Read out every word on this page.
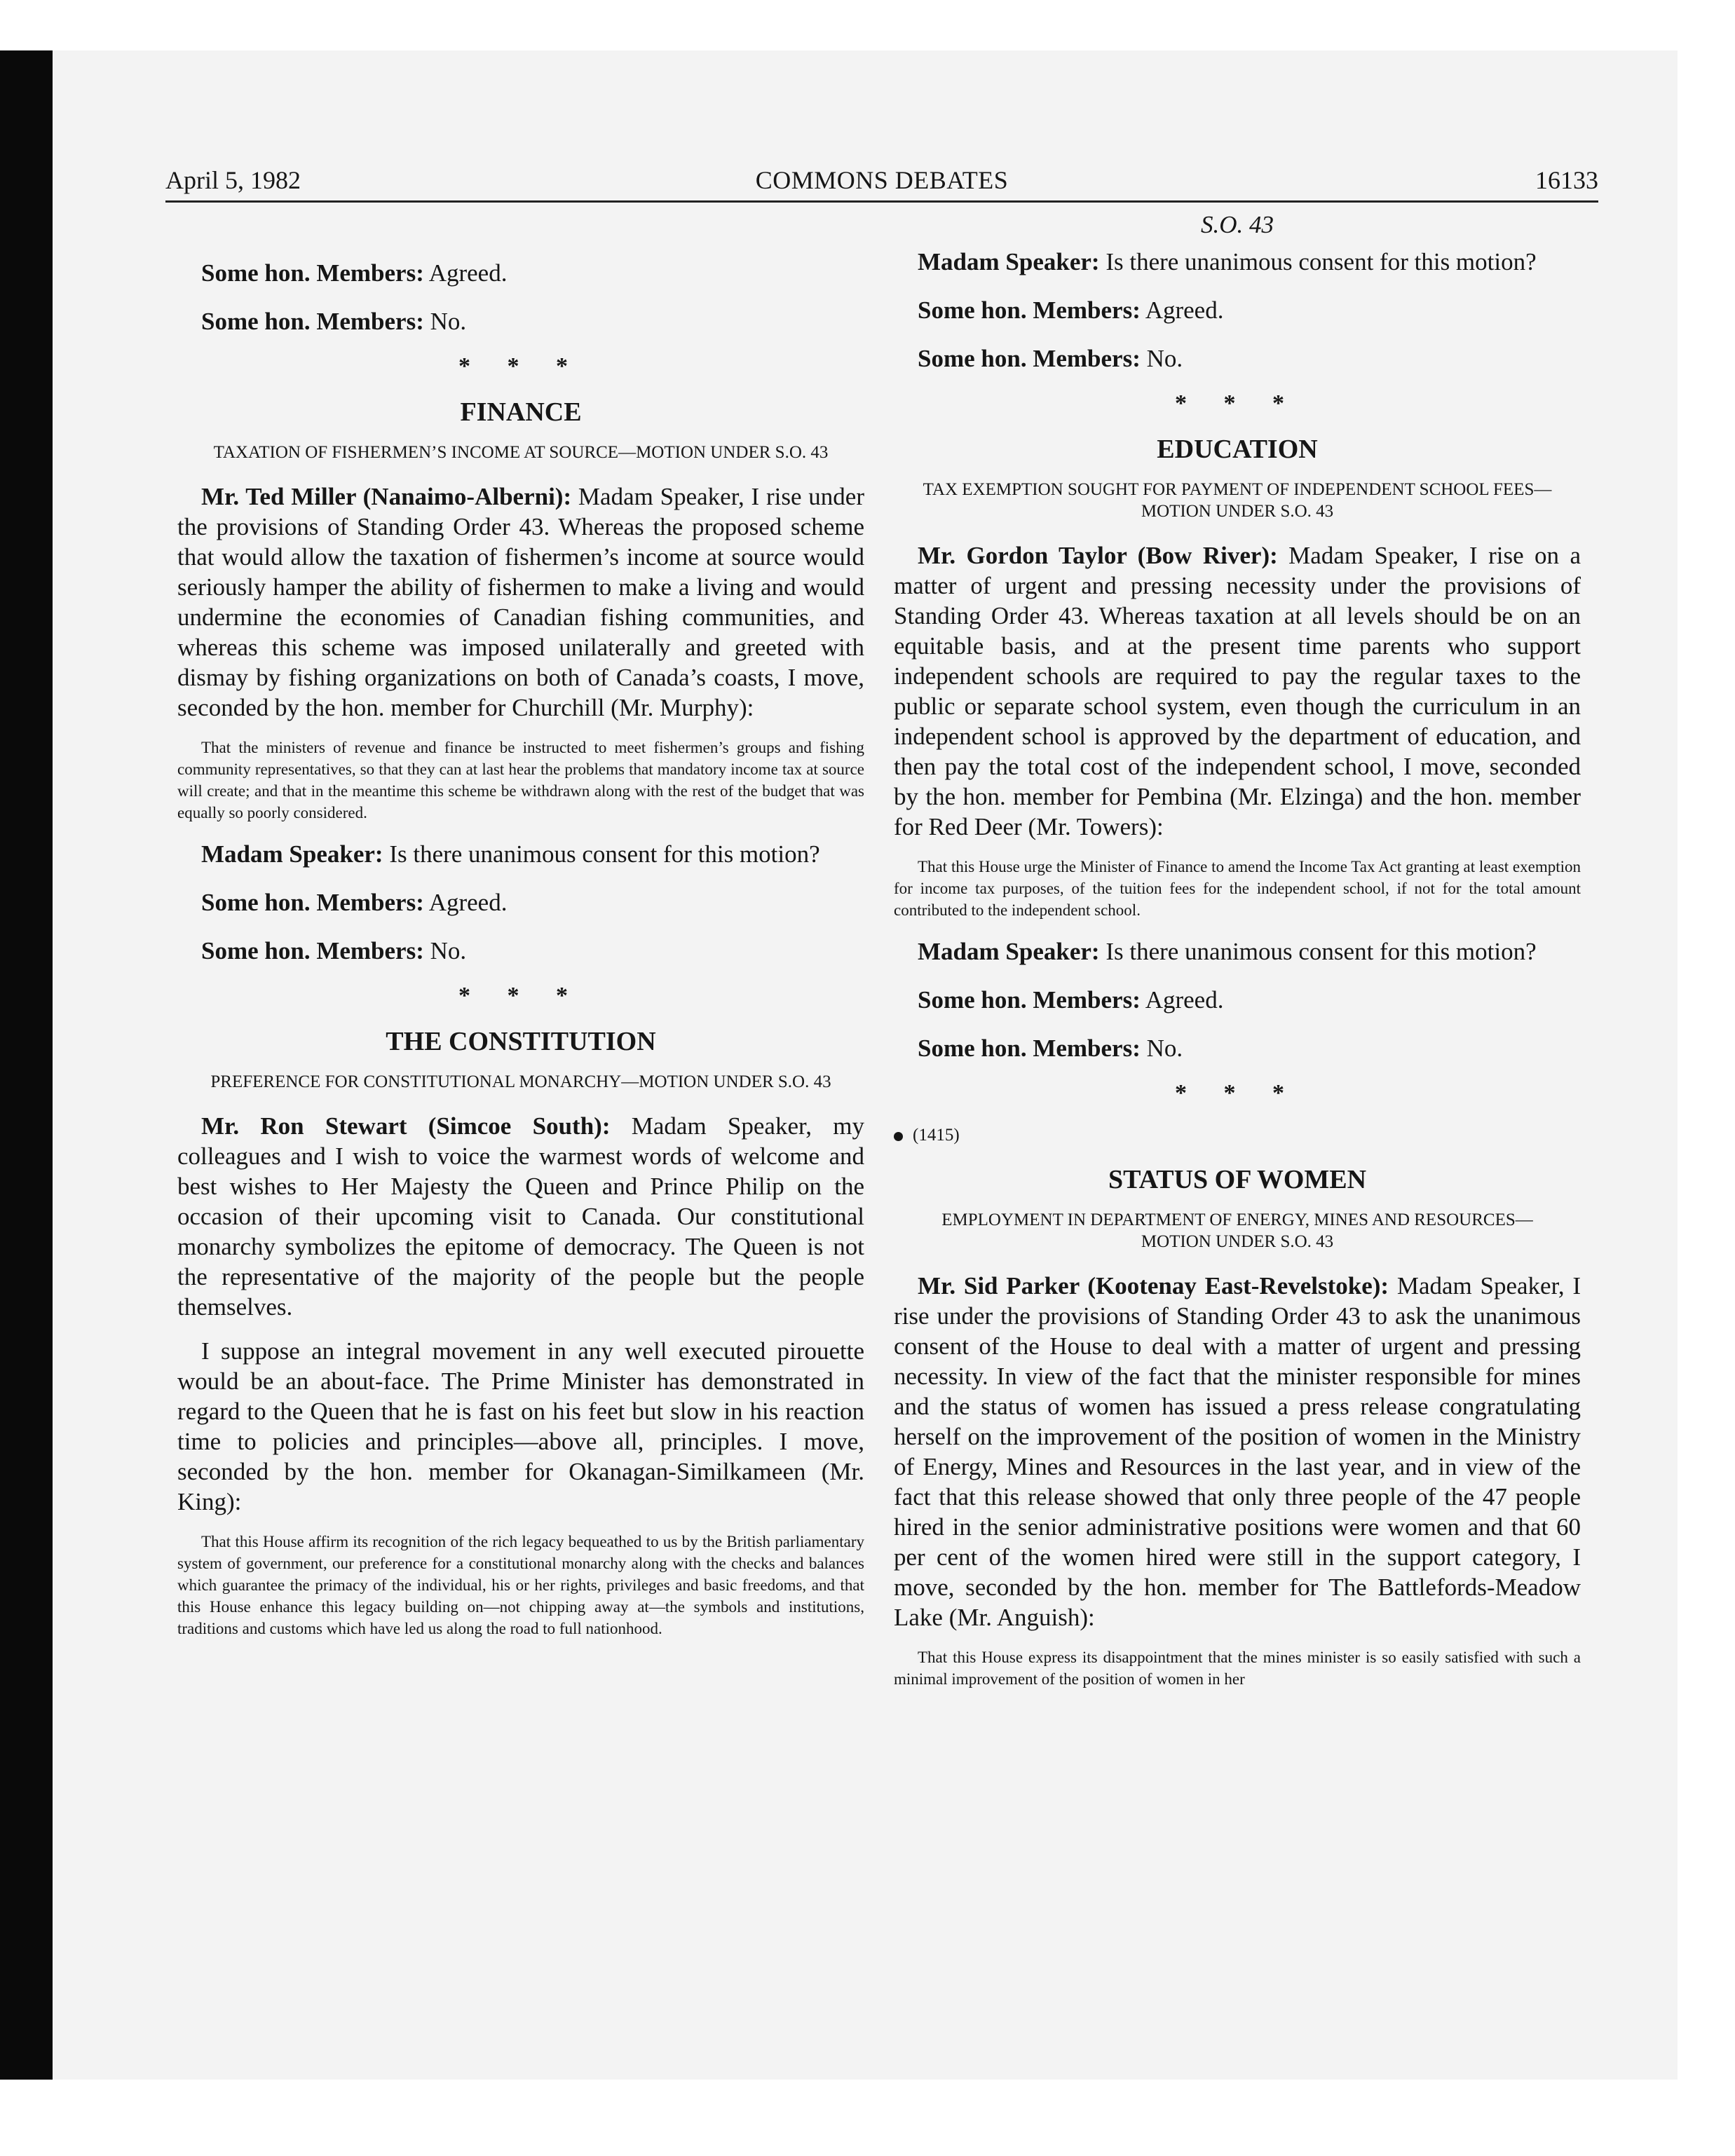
April 5, 1982	COMMONS DEBATES	16133

Some hon. Members: Agreed.

Some hon. Members: No.

* * *
FINANCE
TAXATION OF FISHERMEN’S INCOME AT SOURCE—MOTION UNDER S.O. 43

Mr. Ted Miller (Nanaimo-Alberni): Madam Speaker, I rise under the provisions of Standing Order 43. Whereas the proposed scheme that would allow the taxation of fishermen’s income at source would seriously hamper the ability of fishermen to make a living and would undermine the economies of Canadian fishing communities, and whereas this scheme was imposed unilaterally and greeted with dismay by fishing organizations on both of Canada’s coasts, I move, seconded by the hon. member for Churchill (Mr. Murphy):

That the ministers of revenue and finance be instructed to meet fishermen’s groups and fishing community representatives, so that they can at last hear the problems that mandatory income tax at source will create; and that in the meantime this scheme be withdrawn along with the rest of the budget that was equally so poorly considered.

Madam Speaker: Is there unanimous consent for this motion?

Some hon. Members: Agreed.

Some hon. Members: No.

* * *
THE CONSTITUTION
PREFERENCE FOR CONSTITUTIONAL MONARCHY—MOTION UNDER S.O. 43

Mr. Ron Stewart (Simcoe South): Madam Speaker, my colleagues and I wish to voice the warmest words of welcome and best wishes to Her Majesty the Queen and Prince Philip on the occasion of their upcoming visit to Canada. Our constitutional monarchy symbolizes the epitome of democracy. The Queen is not the representative of the majority of the people but the people themselves.

I suppose an integral movement in any well executed pirouette would be an about-face. The Prime Minister has demonstrated in regard to the Queen that he is fast on his feet but slow in his reaction time to policies and principles—above all, principles. I move, seconded by the hon. member for Okanagan-Similkameen (Mr. King):

That this House affirm its recognition of the rich legacy bequeathed to us by the British parliamentary system of government, our preference for a constitutional monarchy along with the checks and balances which guarantee the primacy of the individual, his or her rights, privileges and basic freedoms, and that this House enhance this legacy building on—not chipping away at—the symbols and institutions, traditions and customs which have led us along the road to full nationhood.

S.O. 43

Madam Speaker: Is there unanimous consent for this motion?

Some hon. Members: Agreed.

Some hon. Members: No.

* * *
EDUCATION
TAX EXEMPTION SOUGHT FOR PAYMENT OF INDEPENDENT SCHOOL FEES—MOTION UNDER S.O. 43

Mr. Gordon Taylor (Bow River): Madam Speaker, I rise on a matter of urgent and pressing necessity under the provisions of Standing Order 43. Whereas taxation at all levels should be on an equitable basis, and at the present time parents who support independent schools are required to pay the regular taxes to the public or separate school system, even though the curriculum in an independent school is approved by the department of education, and then pay the total cost of the independent school, I move, seconded by the hon. member for Pembina (Mr. Elzinga) and the hon. member for Red Deer (Mr. Towers):

That this House urge the Minister of Finance to amend the Income Tax Act granting at least exemption for income tax purposes, of the tuition fees for the independent school, if not for the total amount contributed to the independent school.

Madam Speaker: Is there unanimous consent for this motion?

Some hon. Members: Agreed.

Some hon. Members: No.

* * *
(1415)
STATUS OF WOMEN
EMPLOYMENT IN DEPARTMENT OF ENERGY, MINES AND RESOURCES—MOTION UNDER S.O. 43

Mr. Sid Parker (Kootenay East-Revelstoke): Madam Speaker, I rise under the provisions of Standing Order 43 to ask the unanimous consent of the House to deal with a matter of urgent and pressing necessity. In view of the fact that the minister responsible for mines and the status of women has issued a press release congratulating herself on the improvement of the position of women in the Ministry of Energy, Mines and Resources in the last year, and in view of the fact that this release showed that only three people of the 47 people hired in the senior administrative positions were women and that 60 per cent of the women hired were still in the support category, I move, seconded by the hon. member for The Battlefords-Meadow Lake (Mr. Anguish):

That this House express its disappointment that the mines minister is so easily satisfied with such a minimal improvement of the position of women in her
